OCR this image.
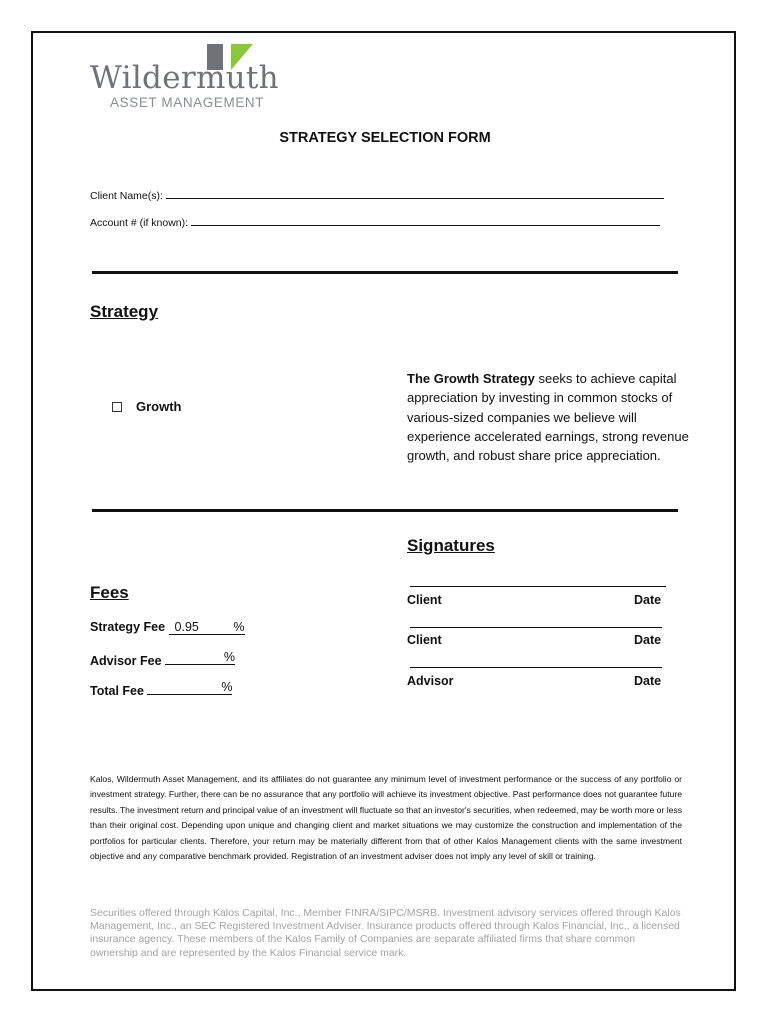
Wildermuth
ASSET MANAGEMENT
STRATEGY SELECTION FORM
Client Name(s):
Account # (if known):
Strategy
Growth
The Growth Strategy seeks to achieve capital appreciation by investing in common stocks of various-sized companies we believe will experience accelerated earnings, strong revenue growth, and robust share price appreciation.
Signatures
Client	Date
Client	Date
Advisor	Date
Fees
Strategy Fee 0.95	%
Advisor Fee	%
Total Fee	%
Kalos, Wildermuth Asset Management, and its affiliates do not guarantee any minimum level of investment performance or the success of any portfolio or investment strategy. Further, there can be no assurance that any portfolio will achieve its investment objective. Past performance does not guarantee future results. The investment return and principal value of an investment will fluctuate so that an investor's securities, when redeemed, may be worth more or less than their original cost. Depending upon unique and changing client and market situations we may customize the construction and implementation of the portfolios for particular clients. Therefore, your return may be materially different from that of other Kalos Management clients with the same investment objective and any comparative benchmark provided. Registration of an investment adviser does not imply any level of skill or training.
Securities offered through Kalos Capital, Inc., Member FINRA/SIPC/MSRB. Investment advisory services offered through Kalos Management, Inc., an SEC Registered Investment Adviser. Insurance products offered through Kalos Financial, Inc., a licensed insurance agency. These members of the Kalos Family of Companies are separate affiliated firms that share common ownership and are represented by the Kalos Financial service mark.
